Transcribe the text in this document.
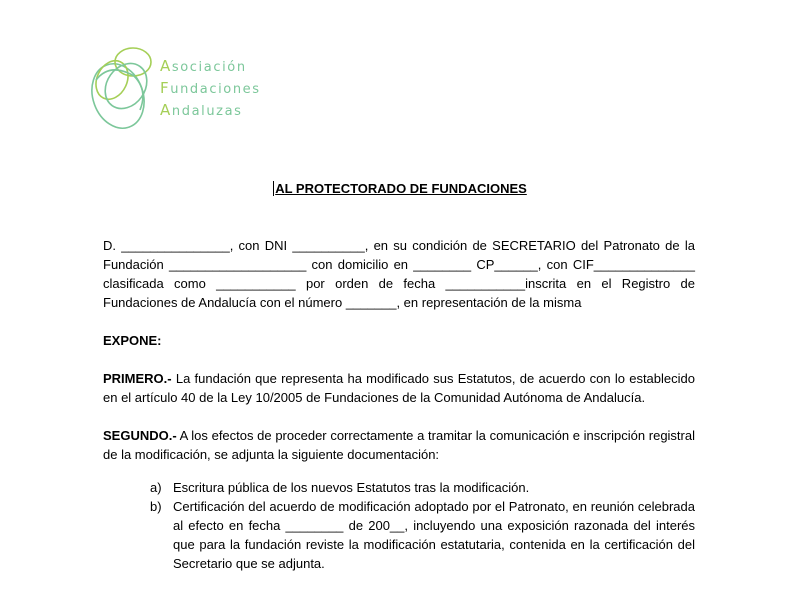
Asociación
Fundaciones
Andaluzas
AL PROTECTORADO DE FUNDACIONES

D. _______________, con DNI __________, en su condición de SECRETARIO del Patronato de la Fundación ___________________ con domicilio en ________ CP______, con CIF______________ clasificada como ___________ por orden de fecha ___________inscrita en el Registro de Fundaciones de Andalucía con el número _______, en representación de la misma

EXPONE:

PRIMERO.- La fundación que representa ha modificado sus Estatutos, de acuerdo con lo establecido en el artículo 40 de la Ley 10/2005 de Fundaciones de la Comunidad Autónoma de Andalucía.

SEGUNDO.- A los efectos de proceder correctamente a tramitar la comunicación e inscripción registral de la modificación, se adjunta la siguiente documentación:

a) Escritura pública de los nuevos Estatutos tras la modificación.
b) Certificación del acuerdo de modificación adoptado por el Patronato, en reunión celebrada al efecto en fecha ________ de 200__, incluyendo una exposición razonada del interés que para la fundación reviste la modificación estatutaria, contenida en la certificación del Secretario que se adjunta.
